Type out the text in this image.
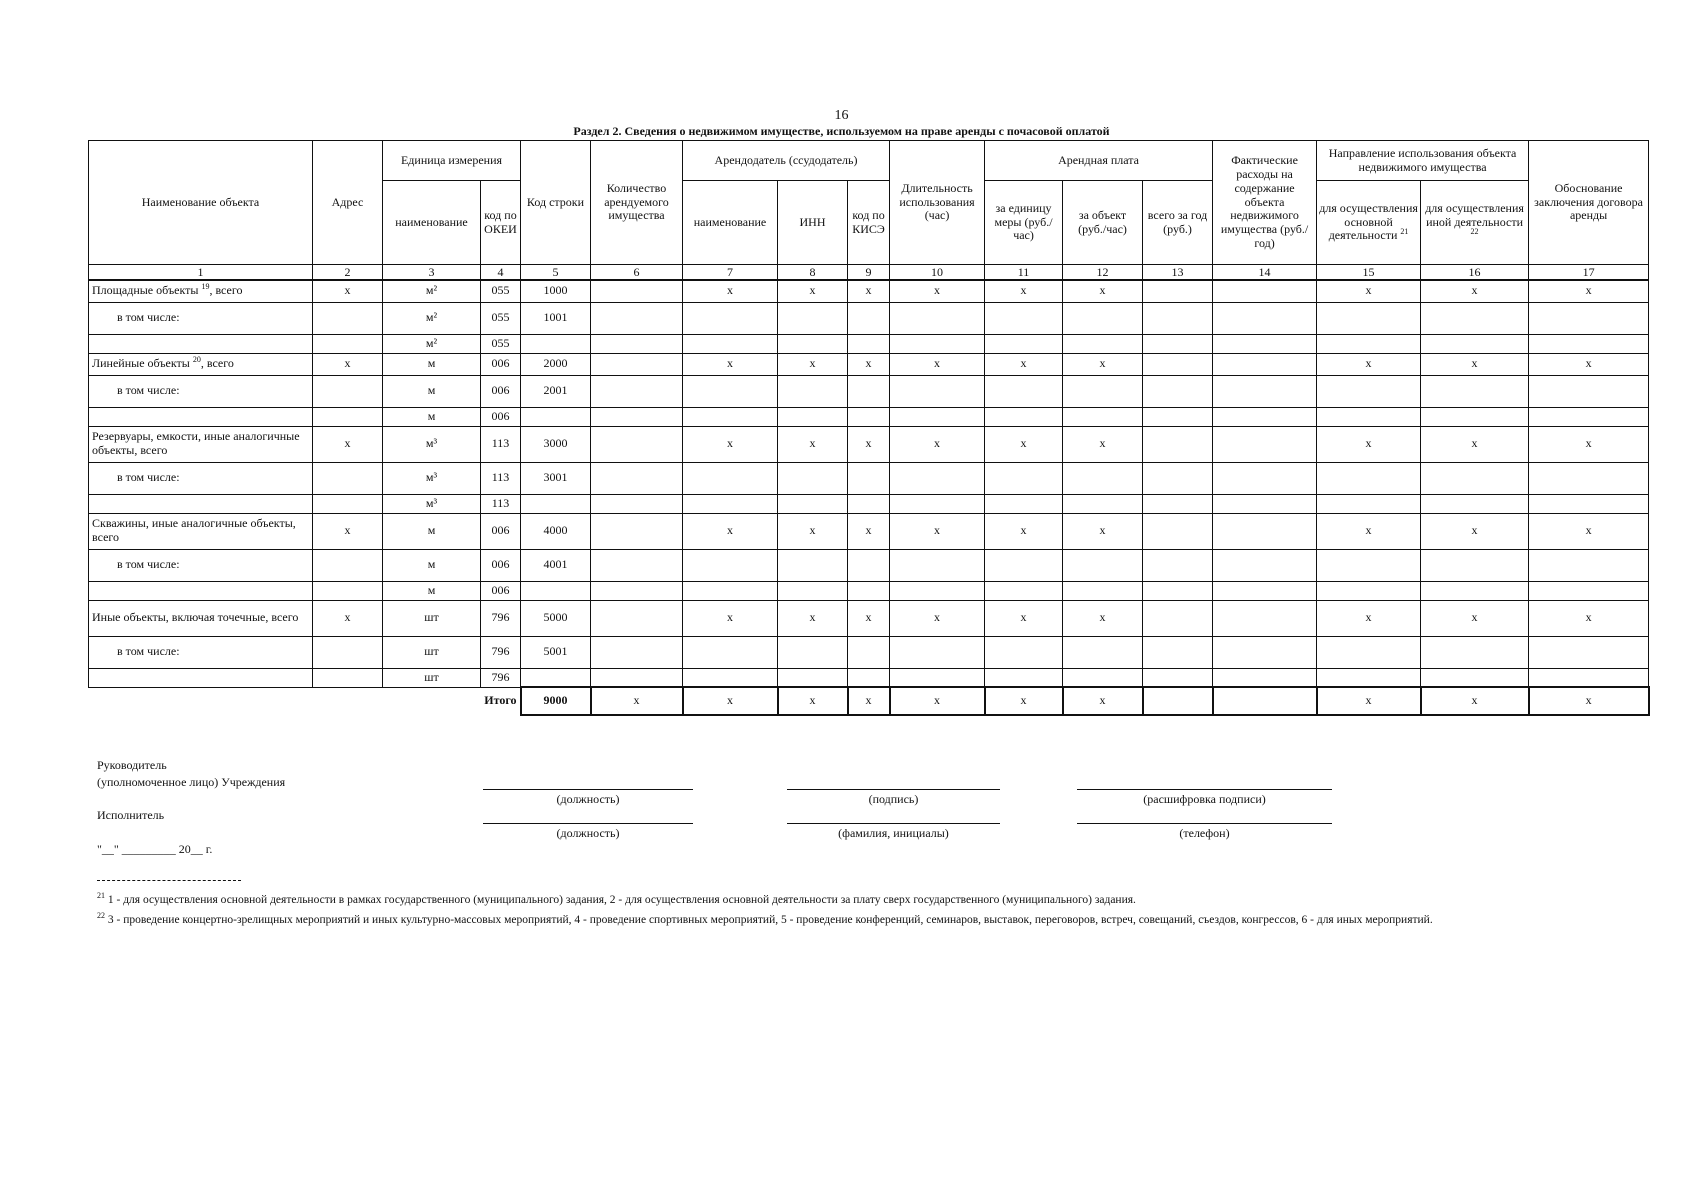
16
Раздел 2. Сведения о недвижимом имуществе, используемом на праве аренды с почасовой оплатой
Наименование объекта	Адрес	Единица измерения		Код строки	Количество арендуемого имущества	Арендодатель (ссудодатель)			Длительность использования (час)	Арендная плата			Фактические расходы на содержание объекта недвижимого имущества (руб./год)	Направление использования объекта недвижимого имущества		Обоснование заключения договора аренды
		наименование	код по ОКЕИ			наименование	ИНН	код по КИСЭ		за единицу меры (руб./час)	за объект (руб./час)	всего за год (руб.)		для осуществления основной деятельности $^{21}$	для осуществления иной деятельности $^{22}$
1	2	3	4	5	6	7	8	9	10	11	12	13	14	15	16	17
Площадные объекты $^{19}$, всего	x	м²	055	1000		x	x	x	x	x	x			x	x	x
в том числе:		м²	055	1001												
		м²	055													
Линейные объекты $^{20}$, всего	x	м	006	2000		x	x	x	x	x	x			x	x	x
в том числе:		м	006	2001												
		м	006													
Резервуары, емкости, иные аналогичные объекты, всего	x	м³	113	3000		x	x	x	x	x	x			x	x	x
в том числе:		м³	113	3001												
		м³	113													
Скважины, иные аналогичные объекты, всего	x	м	006	4000		x	x	x	x	x	x			x	x	x
в том числе:		м	006	4001												
		м	006													
Иные объекты, включая точечные, всего	x	шт	796	5000		x	x	x	x	x	x			x	x	x
в том числе:		шт	796	5001												
		шт	796													
Итого				9000	x	x	x	x	x	x	x			x	x	x
Руководитель
(уполномоченное лицо) Учреждения
Исполнитель
"__" _________ 20__ г.
(должность)	(подпись)	(расшифровка подписи)
(должность)	(фамилия, инициалы)	(телефон)
$^{21}$ 1 - для осуществления основной деятельности в рамках государственного (муниципального) задания, 2 - для осуществления основной деятельности за плату сверх государственного (муниципального) задания.
$^{22}$ 3 - проведение концертно-зрелищных мероприятий и иных культурно-массовых мероприятий, 4 - проведение спортивных мероприятий, 5 - проведение конференций, семинаров, выставок, переговоров, встреч, совещаний, съездов, конгрессов, 6 - для иных мероприятий.
